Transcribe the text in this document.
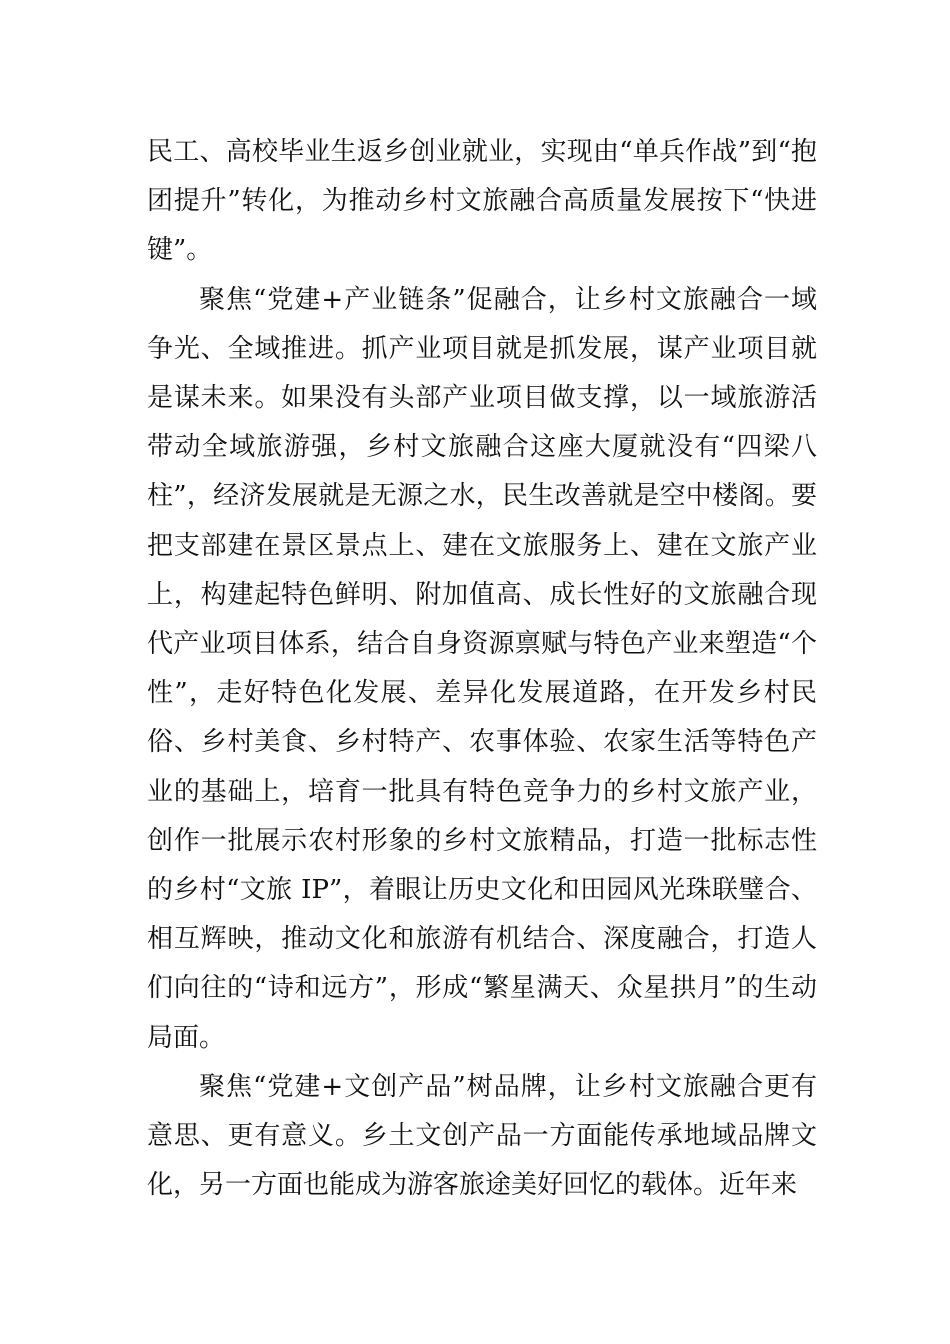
民工、高校毕业生返乡创业就业，实现由“单兵作战”到“抱团提升”转化，为推动乡村文旅融合高质量发展按下“快进键”。

聚焦“党建+产业链条”促融合，让乡村文旅融合一域争光、全域推进。抓产业项目就是抓发展，谋产业项目就是谋未来。如果没有头部产业项目做支撑，以一域旅游活带动全域旅游强，乡村文旅融合这座大厦就没有“四梁八柱”，经济发展就是无源之水，民生改善就是空中楼阁。要把支部建在景区景点上、建在文旅服务上、建在文旅产业上，构建起特色鲜明、附加值高、成长性好的文旅融合现代产业项目体系，结合自身资源禀赋与特色产业来塑造“个性”，走好特色化发展、差异化发展道路，在开发乡村民俗、乡村美食、乡村特产、农事体验、农家生活等特色产业的基础上，培育一批具有特色竞争力的乡村文旅产业，创作一批展示农村形象的乡村文旅精品，打造一批标志性的乡村“文旅 IP”，着眼让历史文化和田园风光珠联璧合、相互辉映，推动文化和旅游有机结合、深度融合，打造人们向往的“诗和远方”，形成“繁星满天、众星拱月”的生动局面。

聚焦“党建+文创产品”树品牌，让乡村文旅融合更有意思、更有意义。乡土文创产品一方面能传承地域品牌文化，另一方面也能成为游客旅途美好回忆的载体。近年来
